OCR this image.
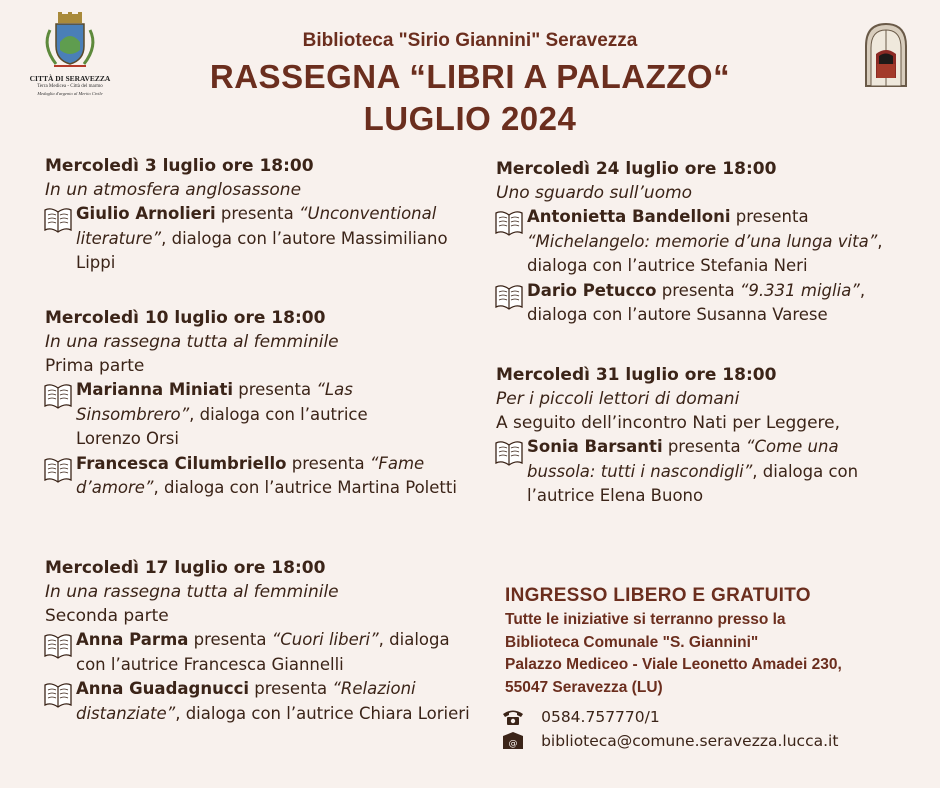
CITTÀ DI SERAVEZZA
Terra Medicea - Città del marmo
Medaglia d'argento al Merito Civile
Biblioteca "Sirio Giannini" Seravezza
RASSEGNA “LIBRI A PALAZZO“
LUGLIO 2024

Mercoledì 3 luglio ore 18:00

In un atmosfera anglosassone

Giulio Arnolieri presenta “Unconventional literature”, dialoga con l’autore Massimiliano Lippi

Mercoledì 10 luglio ore 18:00

In una rassegna tutta al femminile

Prima parte

Marianna Miniati presenta “Las Sinsombrero”, dialoga con l’autrice Lorenzo Orsi
Francesca Cilumbriello presenta “Fame d’amore”, dialoga con l’autrice Martina Poletti

Mercoledì 17 luglio ore 18:00

In una rassegna tutta al femminile

Seconda parte

Anna Parma presenta “Cuori liberi”, dialoga con l’autrice Francesca Giannelli
Anna Guadagnucci presenta “Relazioni distanziate”, dialoga con l’autrice Chiara Lorieri

Mercoledì 24 luglio ore 18:00

Uno sguardo sull’uomo

Antonietta Bandelloni presenta “Michelangelo: memorie d’una lunga vita”, dialoga con l’autrice Stefania Neri
Dario Petucco presenta “9.331 miglia”, dialoga con l’autore Susanna Varese

Mercoledì 31 luglio ore 18:00

Per i piccoli lettori di domani

A seguito dell’incontro Nati per Leggere,

Sonia Barsanti presenta “Come una bussola: tutti i nascondigli”, dialoga con l’autrice Elena Buono
INGRESSO LIBERO E GRATUITO
Tutte le iniziative si terranno presso la
Biblioteca Comunale "S. Giannini"
Palazzo Mediceo - Viale Leonetto Amadei 230,
55047 Seravezza (LU)
0584.757770/1
@ biblioteca@comune.seravezza.lucca.it
